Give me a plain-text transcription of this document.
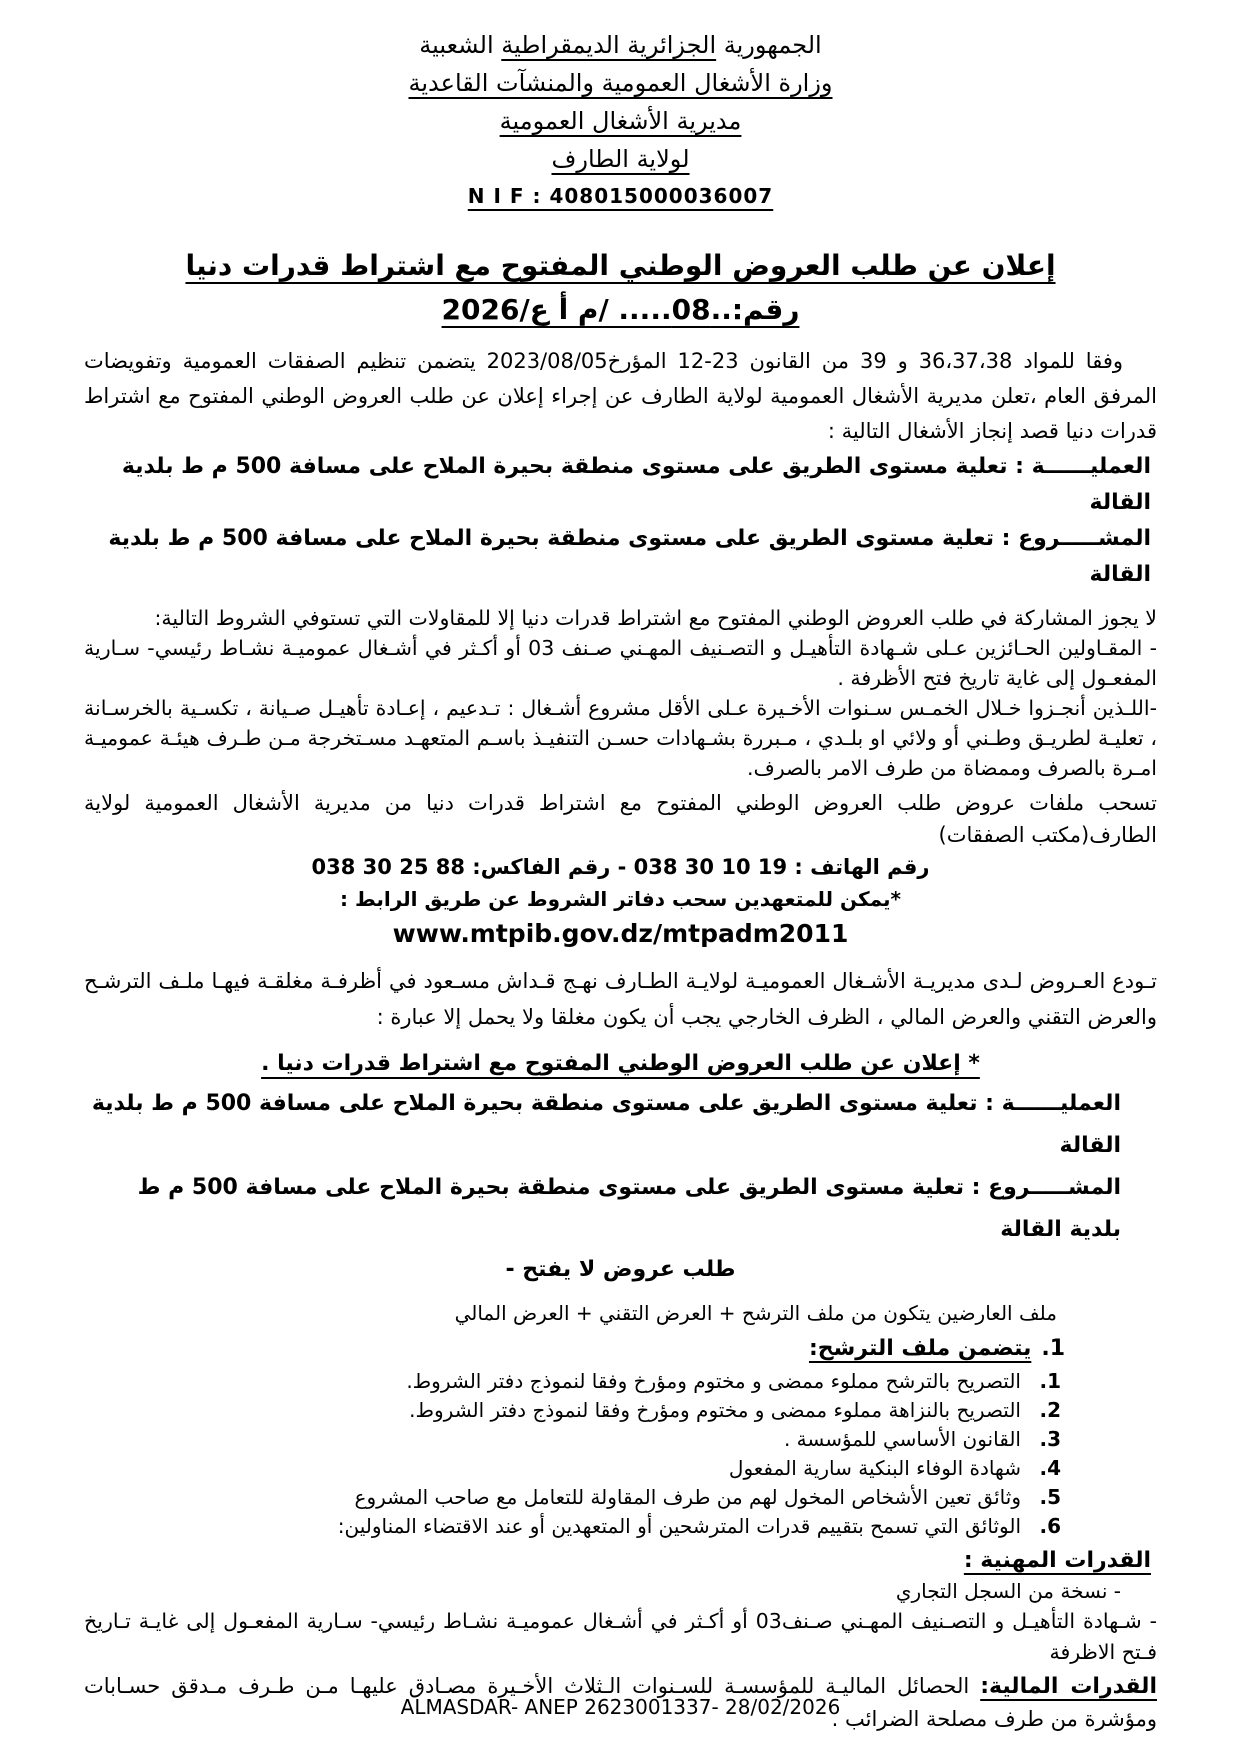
الجمهورية الجزائرية الديمقراطية الشعبية
وزارة الأشغال العمومية والمنشآت القاعدية
مديرية الأشغال العمومية
لولاية الطارف
N I F : 408015000036007
إعلان عن طلب العروض الوطني المفتوح مع اشتراط قدرات دنيا
رقم:..08..... /م أ ع/2026

وفقا للمواد 36،37،38 و 39 من القانون 23-12 المؤرخ2023/08/05 يتضمن تنظيم الصفقات العمومية وتفويضات المرفق العام ،تعلن مديرية الأشغال العمومية لولاية الطارف عن إجراء إعلان عن طلب العروض الوطني المفتوح مع اشتراط قدرات دنيا قصد إنجاز الأشغال التالية :

العمليــــــة : تعلية مستوى الطريق على مستوى منطقة بحيرة الملاح على مسافة 500 م ط بلدية القالة
المشـــــروع : تعلية مستوى الطريق على مستوى منطقة بحيرة الملاح على مسافة 500 م ط بلدية القالة
لا يجوز المشاركة في طلب العروض الوطني المفتوح مع اشتراط قدرات دنيا إلا للمقاولات التي تستوفي الشروط التالية:
- المقـاولين الحـائزين عـلى شـهادة التأهيـل و التصـنيف المهـني صـنف 03 أو أكـثر في أشـغال عموميـة نشـاط رئيسي- سـارية المفعـول إلى غاية تاريخ فتح الأظرفة .
-اللـذين أنجـزوا خـلال الخمـس سـنوات الأخـيرة عـلى الأقل مشروع أشـغال : تـدعيم ، إعـادة تأهيـل صـيانة ، تكسـية بالخرسـانة ، تعليـة لطريـق وطـني أو ولائي او بلـدي ، مـبررة بشـهادات حسـن التنفيـذ باسـم المتعهـد مسـتخرجة مـن طـرف هيئـة عموميـة امـرة بالصرف وممضاة من طرف الامر بالصرف.

تسحب ملفات عروض طلب العروض الوطني المفتوح مع اشتراط قدرات دنيا من مديرية الأشغال العمومية لولاية الطارف(مكتب الصفقات)

رقم الهاتف : 19 10 30 038 - رقم الفاكس: 88 25 30 038
*يمكن للمتعهدين سحب دفاتر الشروط عن طريق الرابط :
www.mtpib.gov.dz/mtpadm2011

تـودع العـروض لـدى مديريـة الأشـغال العموميـة لولايـة الطـارف نهـج قـداش مسـعود في أظرفـة مغلقـة فيهـا ملـف الترشـح والعرض التقني والعرض المالي ، الظرف الخارجي يجب أن يكون مغلقا ولا يحمل إلا عبارة :

* إعلان عن طلب العروض الوطني المفتوح مع اشتراط قدرات دنيا .
العمليــــــة : تعلية مستوى الطريق على مستوى منطقة بحيرة الملاح على مسافة 500 م ط بلدية القالة
المشـــــروع : تعلية مستوى الطريق على مستوى منطقة بحيرة الملاح على مسافة 500 م ط بلدية القالة
طلب عروض لا يفتح -
ملف العارضين يتكون من ملف الترشح + العرض التقني + العرض المالي
1.يتضمن ملف الترشح:
1.التصريح بالترشح مملوء ممضى و مختوم ومؤرخ وفقا لنموذج دفتر الشروط.
2.التصريح بالنزاهة مملوء ممضى و مختوم ومؤرخ وفقا لنموذج دفتر الشروط.
3.القانون الأساسي للمؤسسة .
4.شهادة الوفاء البنكية سارية المفعول
5.وثائق تعين الأشخاص المخول لهم من طرف المقاولة للتعامل مع صاحب المشروع
6.الوثائق التي تسمح بتقييم قدرات المترشحين أو المتعهدين أو عند الاقتضاء المناولين:
القدرات المهنية :
- نسخة من السجل التجاري
- شـهادة التأهيـل و التصـنيف المهـني صـنف03 أو أكـثر في أشـغال عموميـة نشـاط رئيسي- سـارية المفعـول إلى غايـة تـاريخ فـتح الاظرفة

القدرات المالية: الحصائل الماليـة للمؤسسـة للسـنوات الـثلاث الأخـيرة مصـادق عليهـا مـن طـرف مـدقق حسـابات ومؤشرة من طرف مصلحة الضرائب .

ALMASDAR- ANEP 2623001337- 28/02/2026
